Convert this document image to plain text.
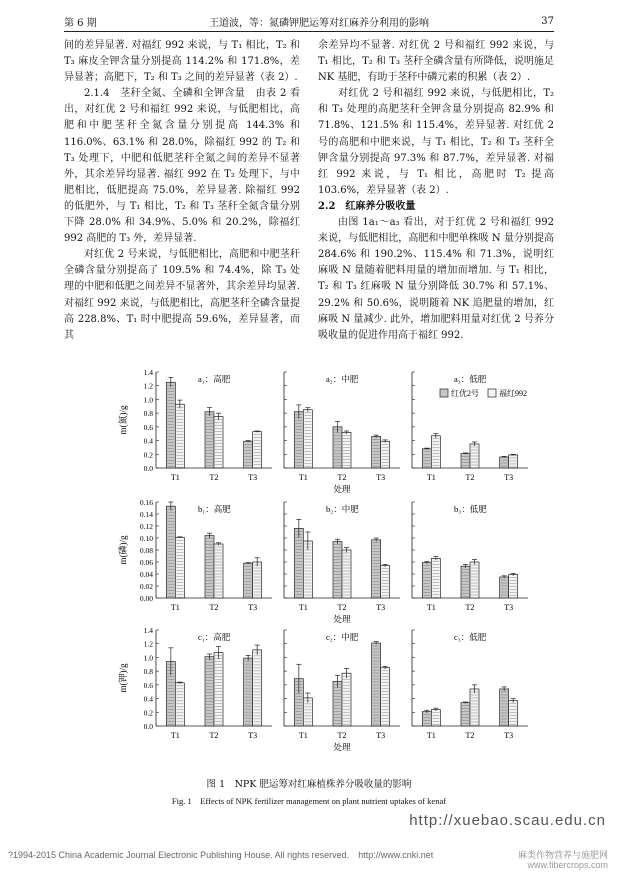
第 6 期	王道波，等：氮磷钾肥运筹对红麻养分利用的影响	37

间的差异显著. 对福红 992 来说，与 T₁ 相比，T₂ 和 T₃ 麻皮全钾含量分别提高 114.2% 和 171.8%，差异显著；高肥下，T₂ 和 T₃ 之间的差异显著（表 2）.

2.1.4　茎秆全氮、全磷和全钾含量　由表 2 看出，对红优 2 号和福红 992 来说，与低肥相比，高肥和中肥茎秆全氮含量分别提高 144.3% 和 116.0%、63.1% 和 28.0%，除福红 992 的 T₂ 和 T₃ 处理下，中肥和低肥茎秆全氮之间的差异不显著外，其余差异均显著. 福红 992 在 T₂ 处理下，与中肥相比，低肥提高 75.0%，差异显著. 除福红 992 的低肥外，与 T₁ 相比，T₂ 和 T₃ 茎秆全氮含量分别下降 28.0% 和 34.9%、5.0% 和 20.2%，除福红 992 高肥的 T₃ 外，差异显著.

对红优 2 号来说，与低肥相比，高肥和中肥茎秆全磷含量分别提高了 109.5% 和 74.4%，除 T₃ 处理的中肥和低肥之间差异不显著外，其余差异均显著. 对福红 992 来说，与低肥相比，高肥茎秆全磷含量提高 228.8%、T₁ 时中肥提高 59.6%，差异显著，而其

余差异均不显著. 对红优 2 号和福红 992 来说，与 T₁ 相比，T₂ 和 T₃ 茎秆全磷含量有所降低，说明施足 NK 基肥，有助于茎秆中磷元素的积累（表 2）.

对红优 2 号和福红 992 来说，与低肥相比，T₂ 和 T₃ 处理的高肥茎秆全钾含量分别提高 82.9% 和 71.8%、121.5% 和 115.4%，差异显著. 对红优 2 号的高肥和中肥来说，与 T₁ 相比，T₂ 和 T₃ 茎秆全钾含量分别提高 97.3% 和 87.7%，差异显著. 对福红 992 来说，与 T₁ 相比，高肥时 T₂ 提高 103.6%，差异显著（表 2）.

2.2　红麻养分吸收量

由图 1a₁～a₃ 看出，对于红优 2 号和福红 992 来说，与低肥相比，高肥和中肥单株吸 N 量分别提高 284.6% 和 190.2%、115.4% 和 71.3%，说明红麻吸 N 量随着肥料用量的增加而增加. 与 T₁ 相比，T₂ 和 T₃ 红麻吸 N 量分别降低 30.7% 和 57.1%、29.2% 和 50.6%，说明随着 NK 追肥量的增加，红麻吸 N 量减少. 此外，增加肥料用量对红优 2 号养分吸收量的促进作用高于福红 992.

m(氮)/g
0.0
0.2
0.4
0.6
0.8
1.0
1.2
1.4
a₁：高肥
T1	T2	T3
a₂：中肥
T1	T2	T3
a₃：低肥
T1	T2	T3
处理
m(磷)/g
0.00
0.02
0.04
0.06
0.08
0.10
0.12
0.14
0.16
b₁：高肥
T1	T2	T3
b₂：中肥
T1	T2	T3
b₃：低肥
T1	T2	T3
处理
m(钾)/g
0.0
0.2
0.4
0.6
0.8
1.0
1.2
1.4
c₁：高肥
T1	T2	T3
c₂：中肥
T1	T2	T3
c₃：低肥
T1	T2	T3
处理
红优2号	福红992
图 1　NPK 肥运筹对红麻植株养分吸收量的影响
Fig. 1　Effects of NPK fertilizer management on plant nutrient uptakes of kenaf
http://xuebao.scau.edu.cn
?1994-2015 China Academic Journal Electronic Publishing House. All rights reserved.　http://www.cnki.net	麻类作物营养与施肥网
www.fibercrops.com
